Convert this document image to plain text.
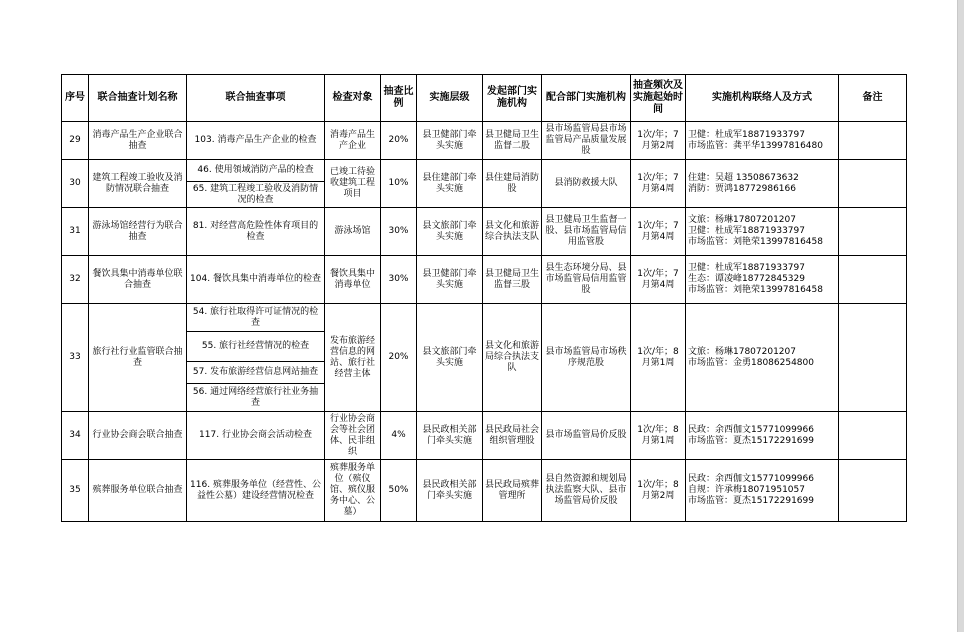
序号	联合抽查计划名称	联合抽查事项	检查对象	抽查比例	实施层级	发起部门实施机构	配合部门实施机构	抽查频次及实施起始时间	实施机构联络人及方式	备注
29	消毒产品生产企业联合抽查	103. 消毒产品生产企业的检查	消毒产品生产企业	20%	县卫健部门牵头实施	县卫健局卫生监督二股	县市场监管局县市场监管局产品质量发展股	1次/年；7月第2周	卫健：杜成军18871933797
市场监管：龚平华13997816480	
30	建筑工程竣工验收及消防情况联合抽查	46. 使用領域消防产品的检查	已竣工待验收建筑工程项目	10%	县住建部门牵头实施	县住建局消防股	县消防救援大队	1次/年；7月第4周	住建：吴超 13508673632
消防：贾鸿18772986166	
		65. 建筑工程竣工验收及消防情况的检查								
31	游泳场馆经营行为联合抽查	81. 对经营高危险性体育项目的检查	游泳场馆	30%	县文旅部门牵头实施	县文化和旅游综合执法支队	县卫健局卫生监督一股、县市场监管局信用监管股	1次/年；7月第4周	文旅：杨琳17807201207
卫健：杜成军18871933797
市场监管：刘艳荣13997816458	
32	餐饮具集中消毒单位联合抽查	104. 餐饮具集中消毒单位的检查	餐饮具集中消毒单位	30%	县卫健部门牵头实施	县卫健局卫生监督三股	县生态环境分局、县市场监管局信用监管股	1次/年；7月第4周	卫健：杜成军18871933797
生态：谭凌峰18772845329
市场监管：刘艳荣13997816458	
33	旅行社行业监管联合抽查	54. 旅行社取得许可证情况的检查	发布旅游经营信息的网站、旅行社经营主体	20%	县文旅部门牵头实施	县文化和旅游局综合执法支队	县市场监管局市场秩序规范股	1次/年；8月第1周	文旅：杨琳17807201207
市场监管：金勇18086254800	
		55. 旅行社经营情况的检查								
		57. 发布旅游经营信息网站抽查								
		56. 通过网络经营旅行社业务抽查								
34	行业协会商会联合抽查	117. 行业协会商会活动检查	行业协会商会等社会团体、民非组织	4%	县民政相关部门牵头实施	县民政局社会组织管理股	县市场监管局价反股	1次/年；8月第1周	民政：余西伽文15771099966
市场监管：夏杰15172291699	
35	殡葬服务单位联合抽查	116. 殡葬服务单位（经营性、公益性公墓）建设经营情况检查	殡葬服务单位（殡仪馆、殡仪服务中心、公墓）	50%	县民政相关部门牵头实施	县民政局殡葬管理所	县自然资源和规划局执法监察大队、县市场监管局价反股	1次/年；8月第2周	民政：余西伽文15771099966
自规：许承梅18071951057
市场监管：夏杰15172291699	
